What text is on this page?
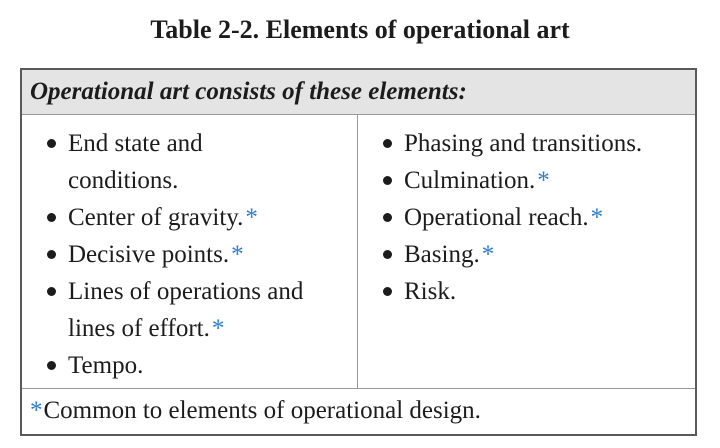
Table 2-2. Elements of operational art
Operational art consists of these elements:
End state and conditions.
Center of gravity.*
Decisive points.*
Lines of operations and lines of effort.*
Tempo.
Phasing and transitions.
Culmination.*
Operational reach.*
Basing.*
Risk.
*Common to elements of operational design.
